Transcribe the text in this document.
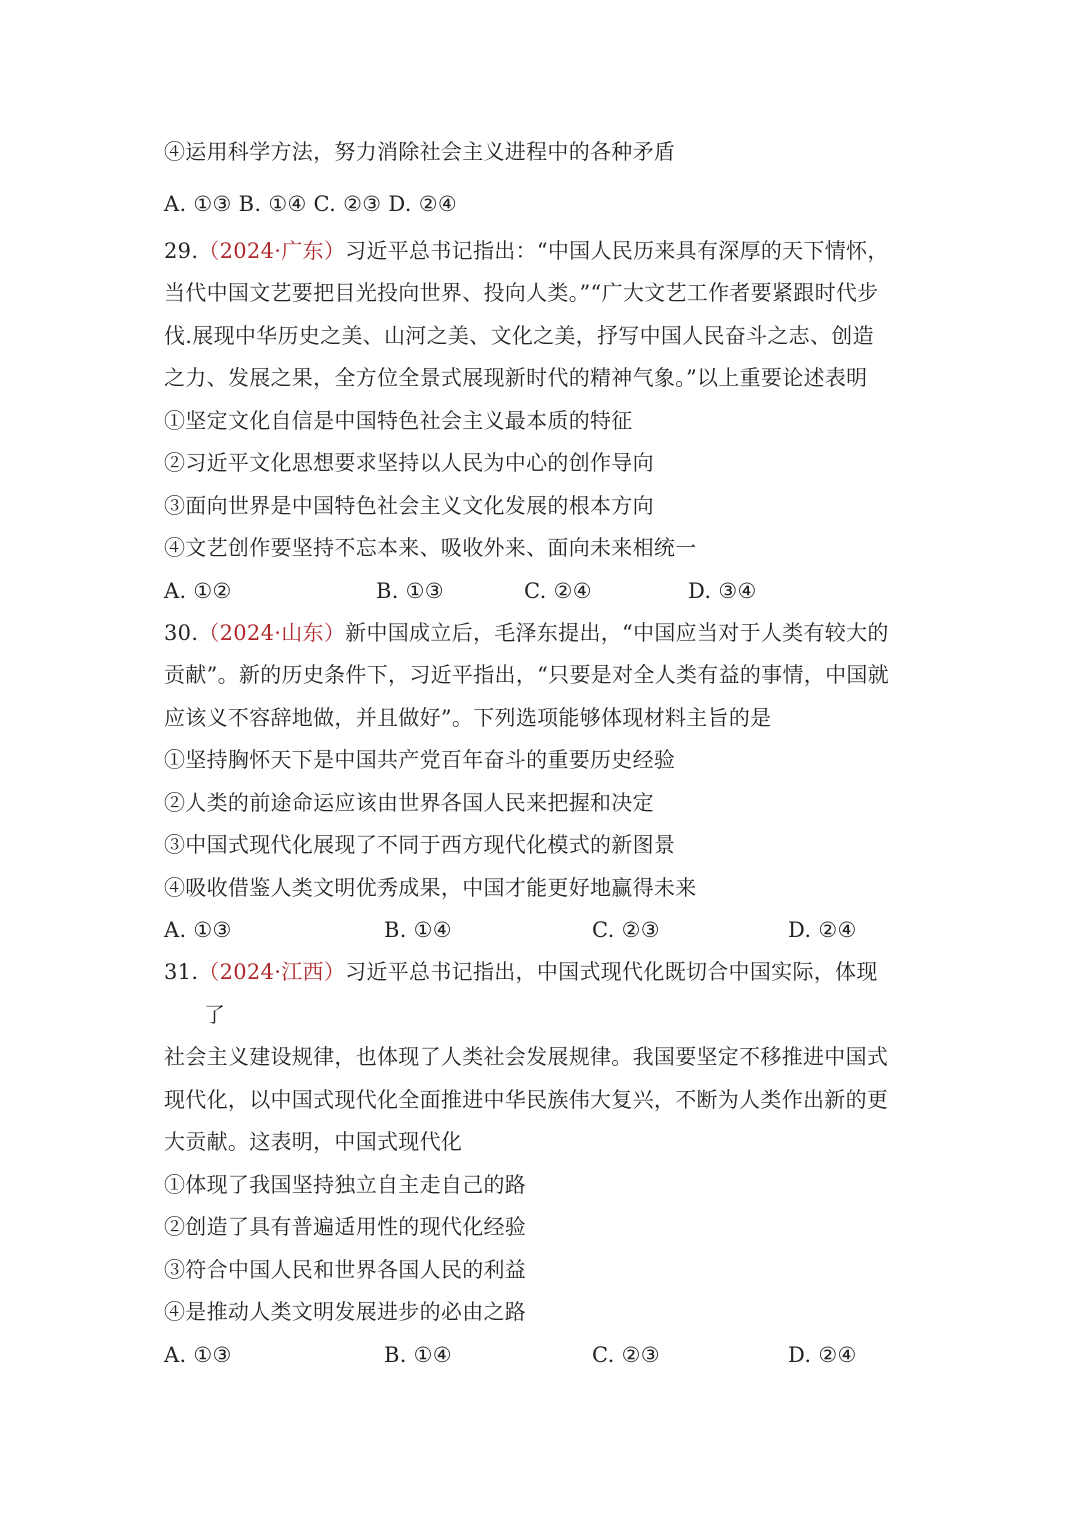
④运用科学方法，努力消除社会主义进程中的各种矛盾
A. ①③ B. ①④ C. ②③ D. ②④
29.（2024·广东）习近平总书记指出：“中国人民历来具有深厚的天下情怀，
当代中国文艺要把目光投向世界、投向人类。”“广大文艺工作者要紧跟时代步
伐.展现中华历史之美、山河之美、文化之美，抒写中国人民奋斗之志、创造
之力、发展之果，全方位全景式展现新时代的精神气象。”以上重要论述表明
①坚定文化自信是中国特色社会主义最本质的特征
②习近平文化思想要求坚持以人民为中心的创作导向
③面向世界是中国特色社会主义文化发展的根本方向
④文艺创作要坚持不忘本来、吸收外来、面向未来相统一
A. ①②	B. ①③	C. ②④	D. ③④
30.（2024·山东）新中国成立后，毛泽东提出，“中国应当对于人类有较大的
贡献”。新的历史条件下，习近平指出，“只要是对全人类有益的事情，中国就
应该义不容辞地做，并且做好”。下列选项能够体现材料主旨的是
①坚持胸怀天下是中国共产党百年奋斗的重要历史经验
②人类的前途命运应该由世界各国人民来把握和决定
③中国式现代化展现了不同于西方现代化模式的新图景
④吸收借鉴人类文明优秀成果，中国才能更好地赢得未来
A. ①③	B. ①④	C. ②③	D. ②④
31.（2024·江西）习近平总书记指出，中国式现代化既切合中国实际，体现
了
社会主义建设规律，也体现了人类社会发展规律。我国要坚定不移推进中国式
现代化，以中国式现代化全面推进中华民族伟大复兴，不断为人类作出新的更
大贡献。这表明，中国式现代化
①体现了我国坚持独立自主走自己的路
②创造了具有普遍适用性的现代化经验
③符合中国人民和世界各国人民的利益
④是推动人类文明发展进步的必由之路
A. ①③	B. ①④	C. ②③	D. ②④
